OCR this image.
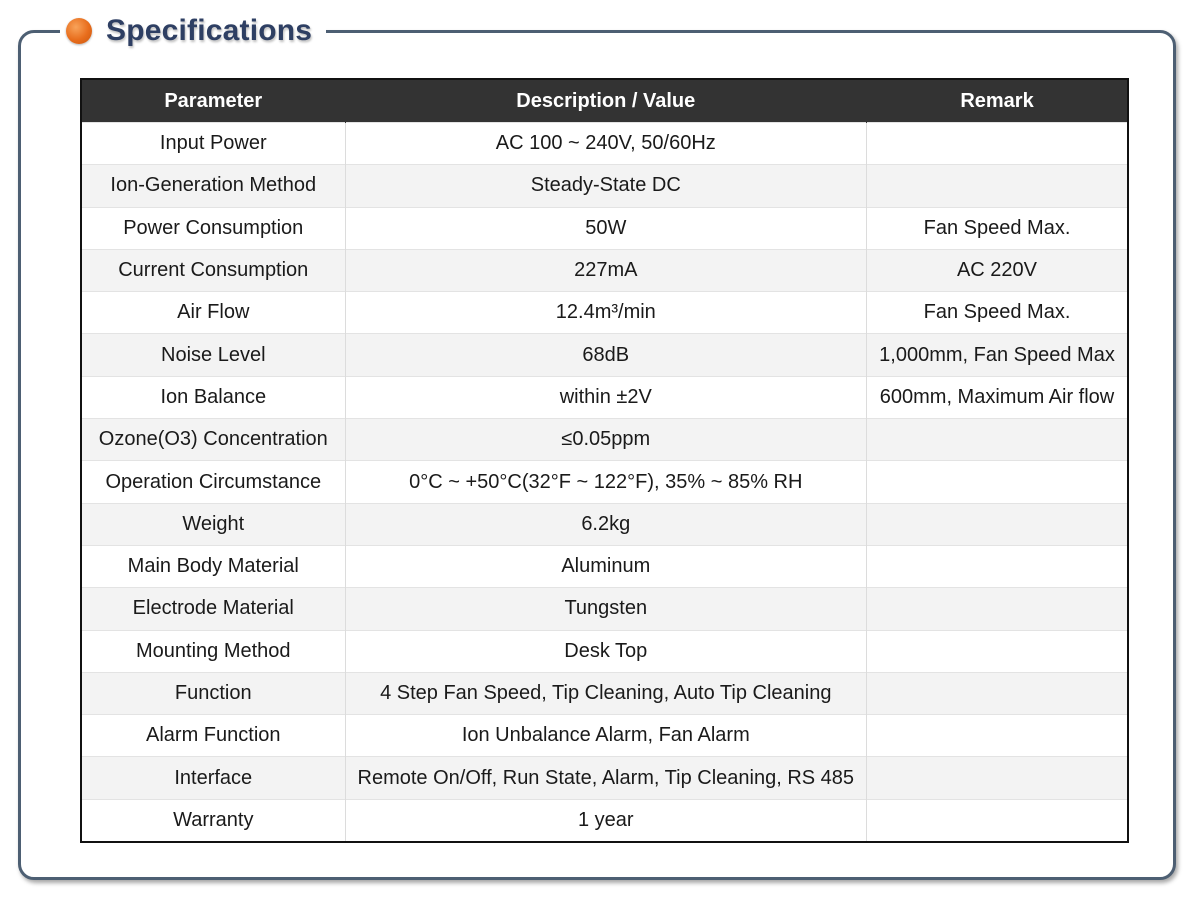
Specifications
Parameter	Description / Value	Remark
Input Power	AC 100 ~ 240V, 50/60Hz	
Ion-Generation Method	Steady-State DC	
Power Consumption	50W	Fan Speed Max.
Current Consumption	227mA	AC 220V
Air Flow	12.4m³/min	Fan Speed Max.
Noise Level	68dB	1,000mm, Fan Speed Max
Ion Balance	within ±2V	600mm, Maximum Air flow
Ozone(O3) Concentration	≤0.05ppm	
Operation Circumstance	0°C ~ +50°C(32°F ~ 122°F), 35% ~ 85% RH	
Weight	6.2kg	
Main Body Material	Aluminum	
Electrode Material	Tungsten	
Mounting Method	Desk Top	
Function	4 Step Fan Speed, Tip Cleaning, Auto Tip Cleaning	
Alarm Function	Ion Unbalance Alarm, Fan Alarm	
Interface	Remote On/Off, Run State, Alarm, Tip Cleaning, RS 485	
Warranty	1 year	
